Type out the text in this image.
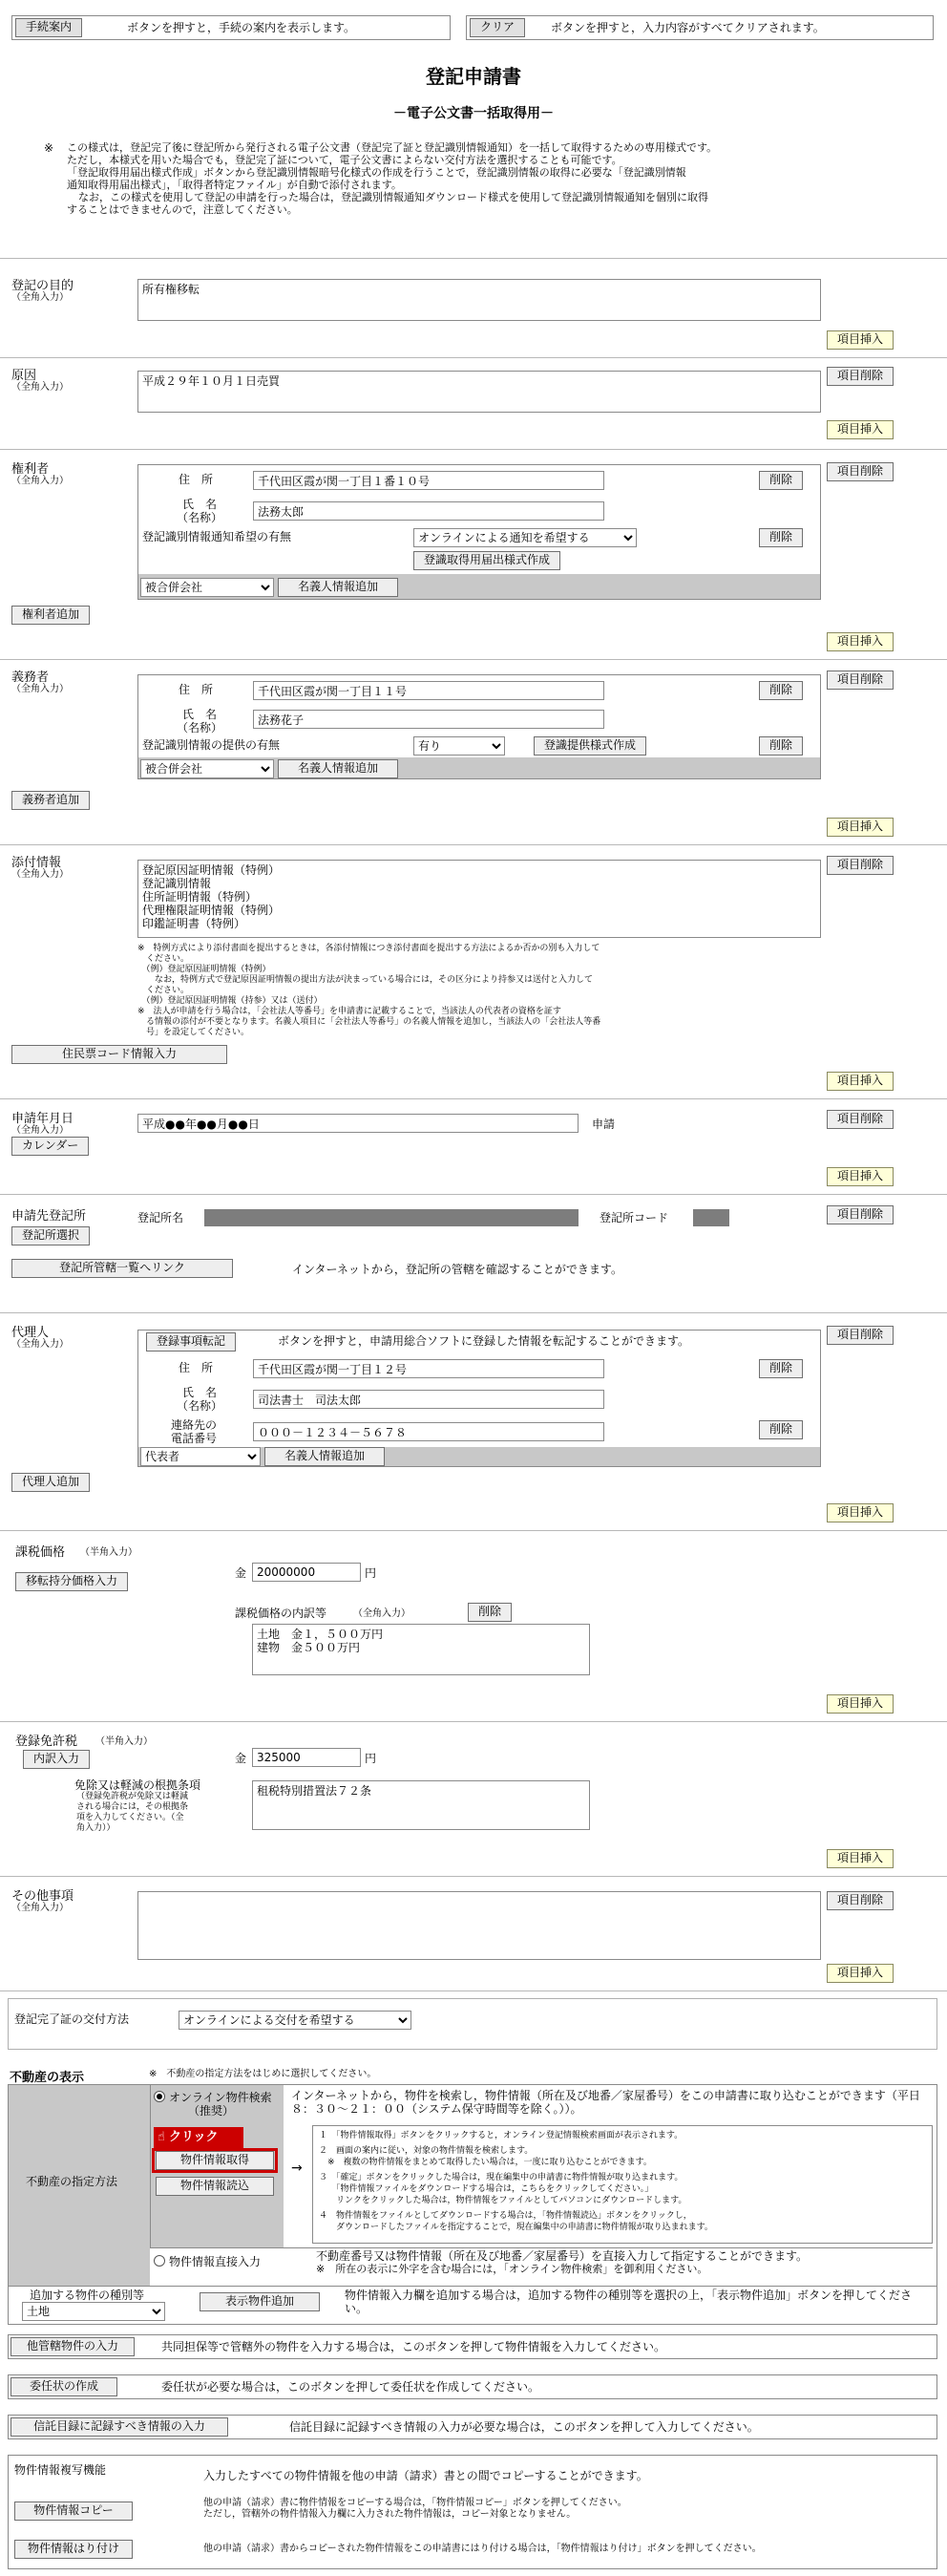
手続案内	ボタンを押すと，手続の案内を表示します。	クリア	ボタンを押すと，入力内容がすべてクリアされます。
登記申請書
－電子公文書一括取得用－
※ この様式は，登記完了後に登記所から発行される電子公文書（登記完了証と登記識別情報通知）を一括して取得するための専用様式です。
ただし，本様式を用いた場合でも，登記完了証について，電子公文書によらない交付方法を選択することも可能です。
「登記取得用届出様式作成」ボタンから登記識別情報暗号化様式の作成を行うことで，登記識別情報の取得に必要な「登記識別情報
通知取得用届出様式」，「取得者特定ファイル」が自動で添付されます。
なお，この様式を使用して登記の申請を行った場合は，登記識別情報通知ダウンロード様式を使用して登記識別情報通知を個別に取得
することはできませんので，注意してください。
登記の目的
（全角入力）
所有権移転
項目挿入
原因
（全角入力）
平成２９年１０月１日売買
項目削除
項目挿入
権利者
（全角入力）
項目削除
住　所
千代田区霞が関一丁目１番１０号	削除
氏　名
（名称）
法務太郎
登記識別情報通知希望の有無
オンラインによる通知を希望する	削除
登識取得用届出様式作成
被合併会社
名義人情報追加
権利者追加
項目挿入
義務者
（全角入力）
項目削除
住　所
千代田区霞が関一丁目１１号	削除
氏　名
（名称）
法務花子
登記識別情報の提供の有無
有り	登識提供様式作成	削除
被合併会社
名義人情報追加
義務者追加
項目挿入
添付情報
（全角入力）
項目削除
登記原因証明情報（特例）
登記識別情報
住所証明情報（特例）
代理権限証明情報（特例）
印鑑証明書（特例）
※　特例方式により添付書面を提出するときは，各添付情報につき添付書面を提出する方法によるか否かの別も入力して
　ください。
　（例）登記原因証明情報（特例）
　　なお，特例方式で登記原因証明情報の提出方法が決まっている場合には，その区分により持参又は送付と入力して
　ください。
　（例）登記原因証明情報（持参）又は（送付）
※　法人が申請を行う場合は，「会社法人等番号」を申請書に記載することで，当該法人の代表者の資格を証す
　る情報の添付が不要となります。名義人項目に「会社法人等番号」の名義人情報を追加し，当該法人の「会社法人等番
　号」を設定してください。
住民票コード情報入力
項目挿入
申請年月日
（全角入力）
平成●●年●●月●●日	申請
カレンダー
項目削除
項目挿入
申請先登記所
登記所選択
登記所名	登記所コード	項目削除
登記所管轄一覧へリンク	インターネットから，登記所の管轄を確認することができます。
代理人
（全角入力）
項目削除
登録事項転記	ボタンを押すと，申請用総合ソフトに登録した情報を転記することができます。
住　所
千代田区霞が関一丁目１２号	削除
氏　名
（名称）
司法書士　司法太郎
連絡先の
電話番号
０００－１２３４－５６７８
削除
代表者
名義人情報追加
代理人追加
項目挿入
課税価格 （半角入力）
移転持分価格入力
金
20000000	円
課税価格の内訳等	（全角入力）	削除
土地　金１，５００万円
建物　金５００万円
項目挿入
登録免許税 （半角入力）
内訳入力	金
325000	円
免除又は軽減の根拠条項
（登録免許税が免除又は軽減
される場合には，その根拠条
項を入力してください。（全
角入力））
租税特別措置法７２条
項目挿入
その他事項
（全角入力）
項目削除
項目挿入
登記完了証の交付方法
オンラインによる交付を希望する
不動産の表示	※　不動産の指定方法をはじめに選択してください。
不動産の指定方法
オンライン物件検索
（推奨）
インターネットから，物件を検索し，物件情報（所在及び地番／家屋番号）をこの申請書に取り込むことができます（平日８：３０～２１：００（システム保守時間等を除く。））。
☝ クリック
物件情報取得
物件情報読込
→
１　「物件情報取得」ボタンをクリックすると，オンライン登記情報検索画面が表示されます。
２　画面の案内に従い，対象の物件情報を検索します。
　※　複数の物件情報をまとめて取得したい場合は，一度に取り込むことができます。
３　「確定」ボタンをクリックした場合は，現在編集中の申請書に物件情報が取り込まれます。
　　「物件情報ファイルをダウンロードする場合は，こちらをクリックしてください。」
　　リンクをクリックした場合は，物件情報をファイルとしてパソコンにダウンロードします。
４　物件情報をファイルとしてダウンロードする場合は，「物件情報読込」ボタンをクリックし，
　　ダウンロードしたファイルを指定することで，現在編集中の申請書に物件情報が取り込まれます。
物件情報直接入力	不動産番号又は物件情報（所在及び地番／家屋番号）を直接入力して指定することができます。
※　所在の表示に外字を含む場合には，「オンライン物件検索」を御利用ください。
追加する物件の種別等
土地	表示物件追加	物件情報入力欄を追加する場合は，追加する物件の種別等を選択の上，「表示物件追加」ボタンを押してください。
他管轄物件の入力	共同担保等で管轄外の物件を入力する場合は，このボタンを押して物件情報を入力してください。
委任状の作成	委任状が必要な場合は，このボタンを押して委任状を作成してください。
信託目録に記録すべき情報の入力	信託目録に記録すべき情報の入力が必要な場合は，このボタンを押して入力してください。
物件情報複写機能	入力したすべての物件情報を他の申請（請求）書との間でコピーすることができます。
物件情報コピー
他の申請（請求）書に物件情報をコピーする場合は，「物件情報コピー」ボタンを押してください。
ただし，管轄外の物件情報入力欄に入力された物件情報は，コピー対象となりません。
物件情報はり付け	他の申請（請求）書からコピーされた物件情報をこの申請書にはり付ける場合は，「物件情報はり付け」ボタンを押してください。
